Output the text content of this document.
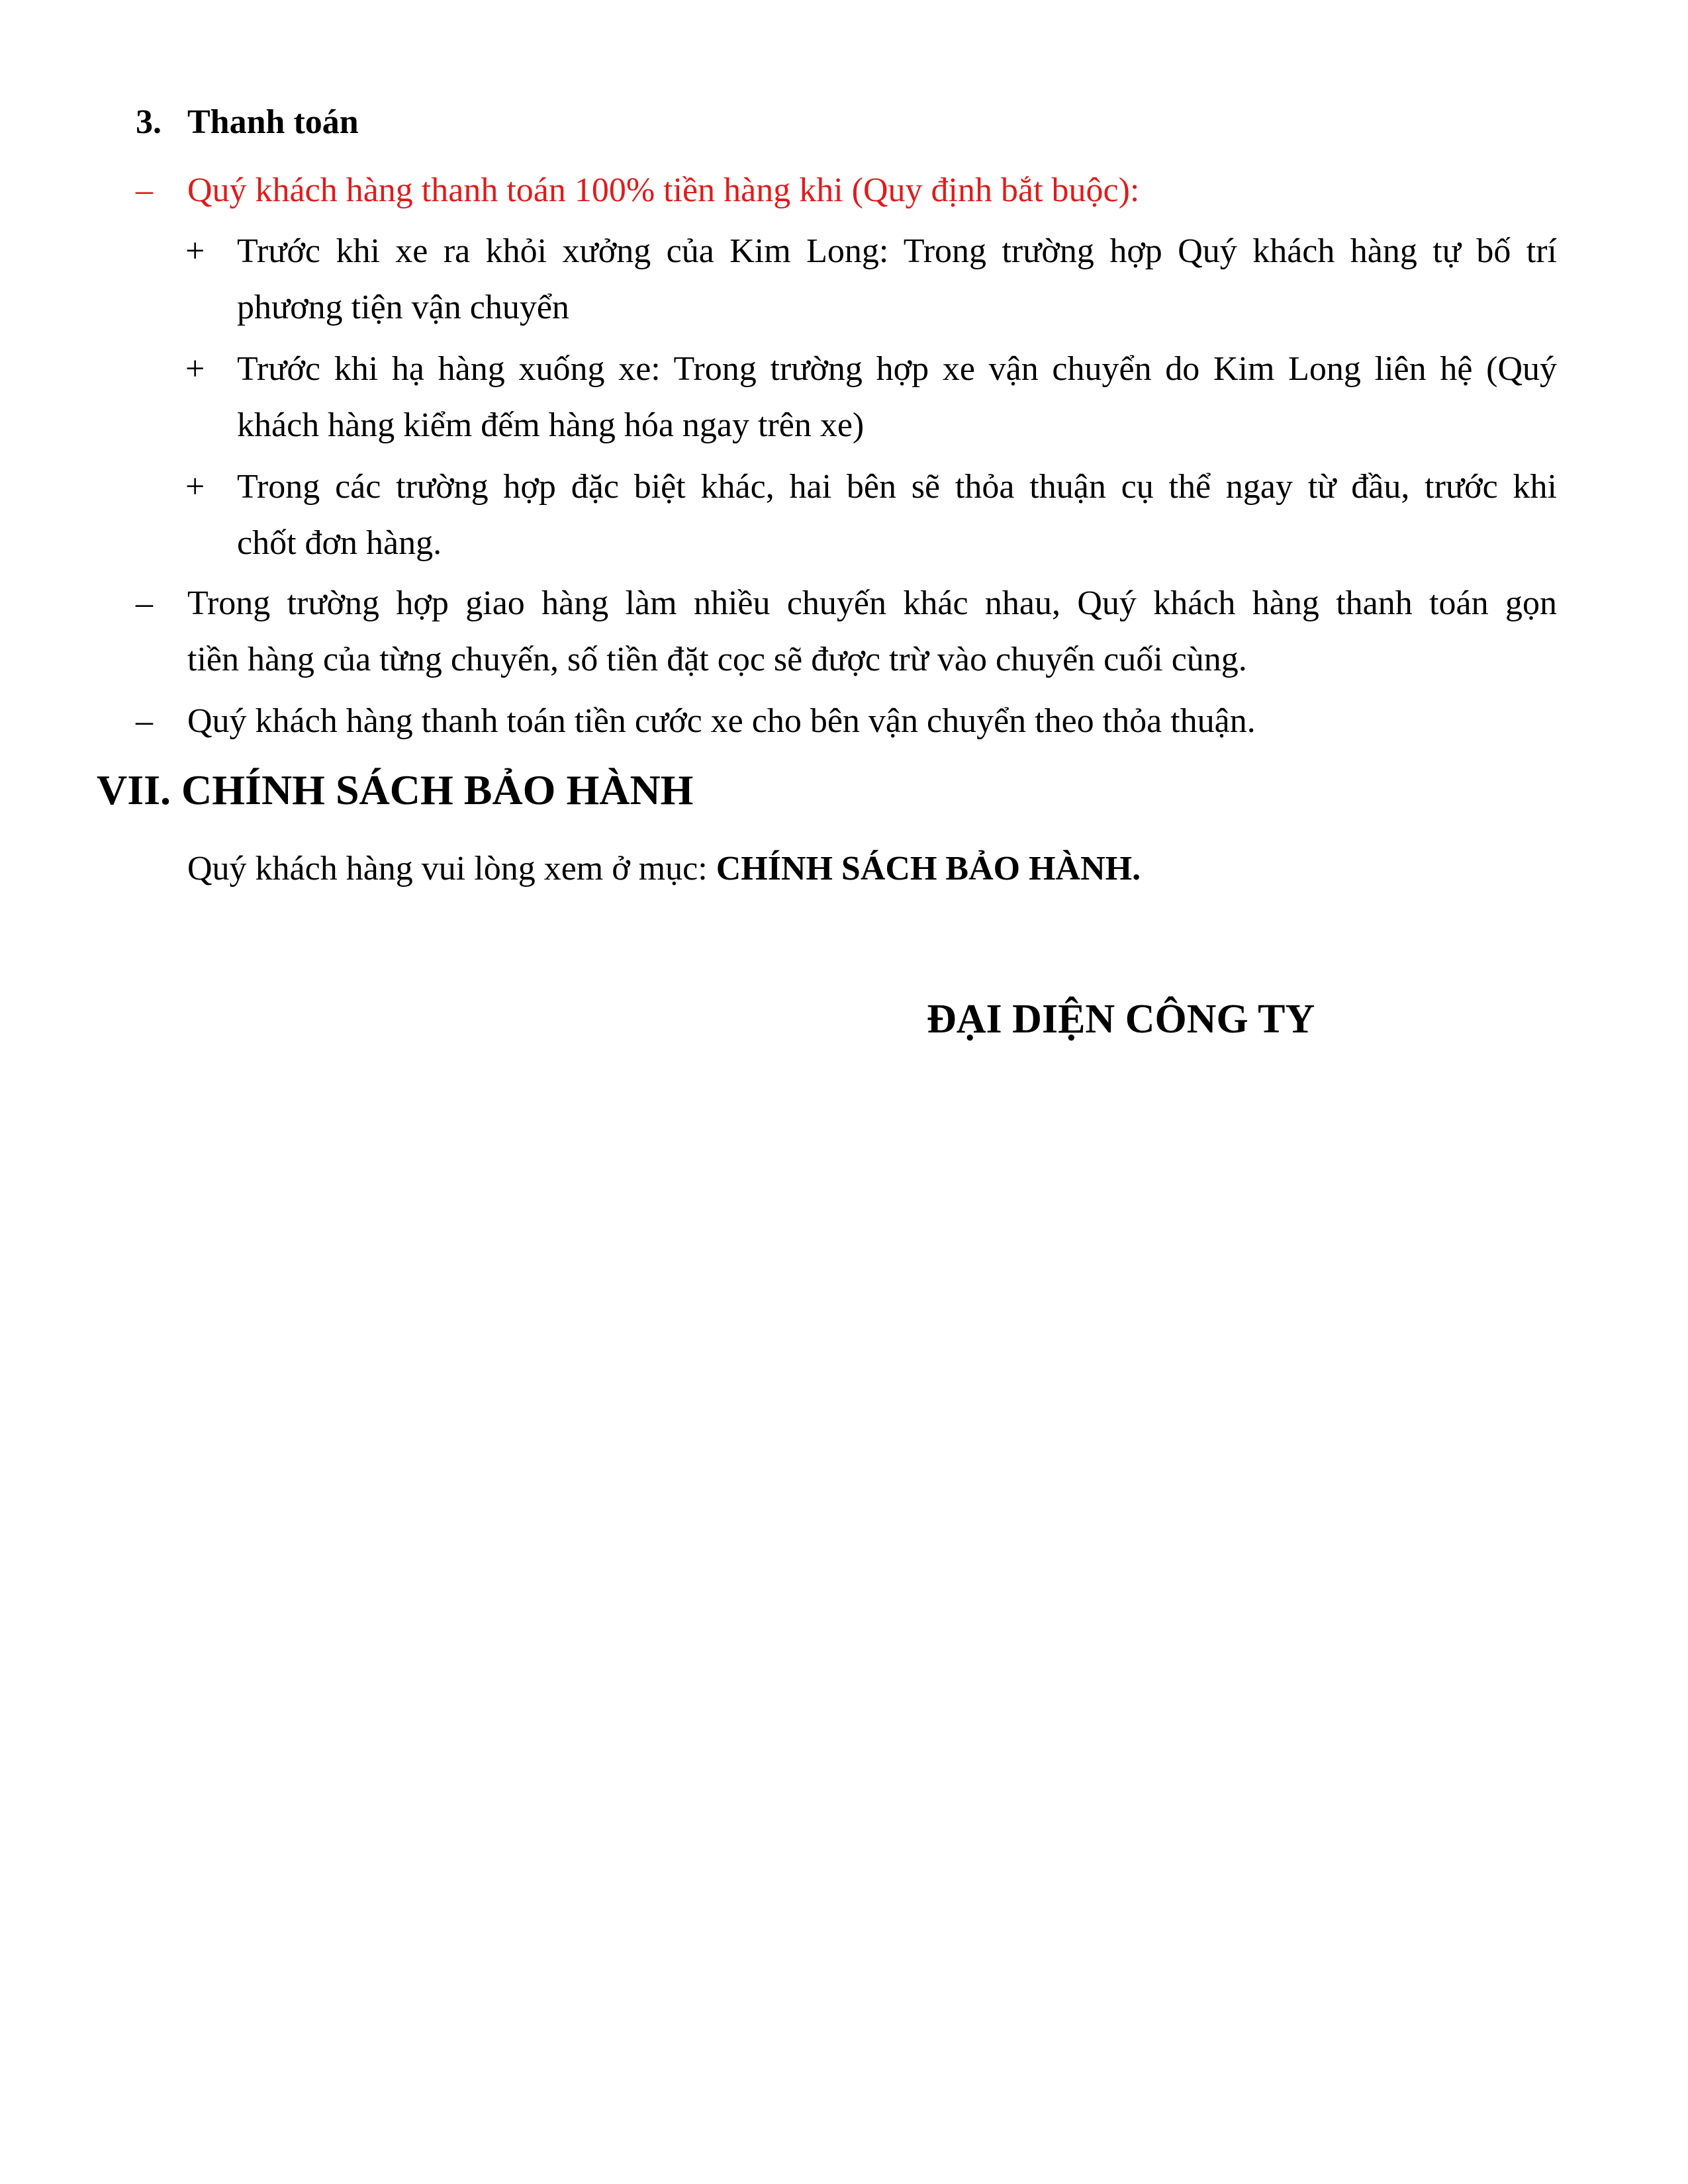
3. Thanh toán
– Quý khách hàng thanh toán 100% tiền hàng khi (Quy định bắt buộc):
+ Trước khi xe ra khỏi xưởng của Kim Long: Trong trường hợp Quý khách hàng tự bố trí
phương tiện vận chuyển
+ Trước khi hạ hàng xuống xe: Trong trường hợp xe vận chuyển do Kim Long liên hệ (Quý
khách hàng kiểm đếm hàng hóa ngay trên xe)
+ Trong các trường hợp đặc biệt khác, hai bên sẽ thỏa thuận cụ thể ngay từ đầu, trước khi
chốt đơn hàng.
– Trong trường hợp giao hàng làm nhiều chuyến khác nhau, Quý khách hàng thanh toán gọn
tiền hàng của từng chuyến, số tiền đặt cọc sẽ được trừ vào chuyến cuối cùng.
– Quý khách hàng thanh toán tiền cước xe cho bên vận chuyển theo thỏa thuận.
VII. CHÍNH SÁCH BẢO HÀNH
Quý khách hàng vui lòng xem ở mục: CHÍNH SÁCH BẢO HÀNH.
ĐẠI DIỆN CÔNG TY
